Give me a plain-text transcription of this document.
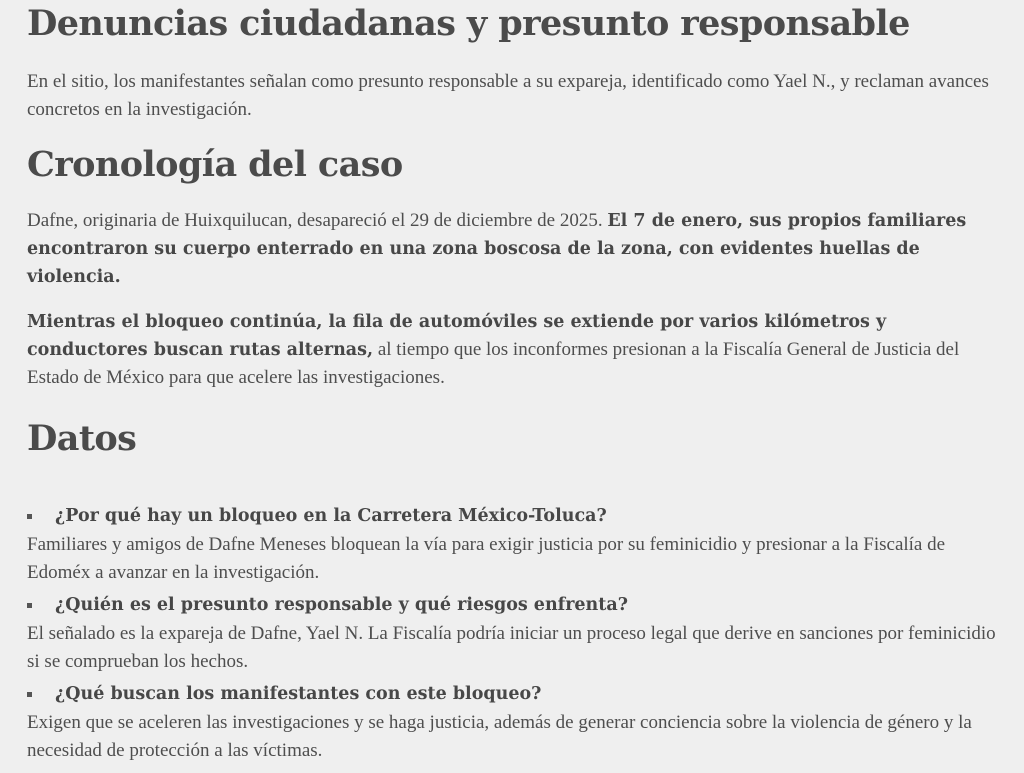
Denuncias ciudadanas y presunto responsable

En el sitio, los manifestantes señalan como presunto responsable a su expareja, identificado como Yael N., y reclaman avances concretos en la investigación.

Cronología del caso

Dafne, originaria de Huixquilucan, desapareció el 29 de diciembre de 2025. El 7 de enero, sus propios familiares encontraron su cuerpo enterrado en una zona boscosa de la zona, con evidentes huellas de violencia.

Mientras el bloqueo continúa, la fila de automóviles se extiende por varios kilómetros y conductores buscan rutas alternas, al tiempo que los inconformes presionan a la Fiscalía General de Justicia del Estado de México para que acelere las investigaciones.

Datos
¿Por qué hay un bloqueo en la Carretera México-Toluca?
Familiares y amigos de Dafne Meneses bloquean la vía para exigir justicia por su feminicidio y presionar a la Fiscalía de Edoméx a avanzar en la investigación.
¿Quién es el presunto responsable y qué riesgos enfrenta?
El señalado es la expareja de Dafne, Yael N. La Fiscalía podría iniciar un proceso legal que derive en sanciones por feminicidio si se comprueban los hechos.
¿Qué buscan los manifestantes con este bloqueo?
Exigen que se aceleren las investigaciones y se haga justicia, además de generar conciencia sobre la violencia de género y la necesidad de protección a las víctimas.
